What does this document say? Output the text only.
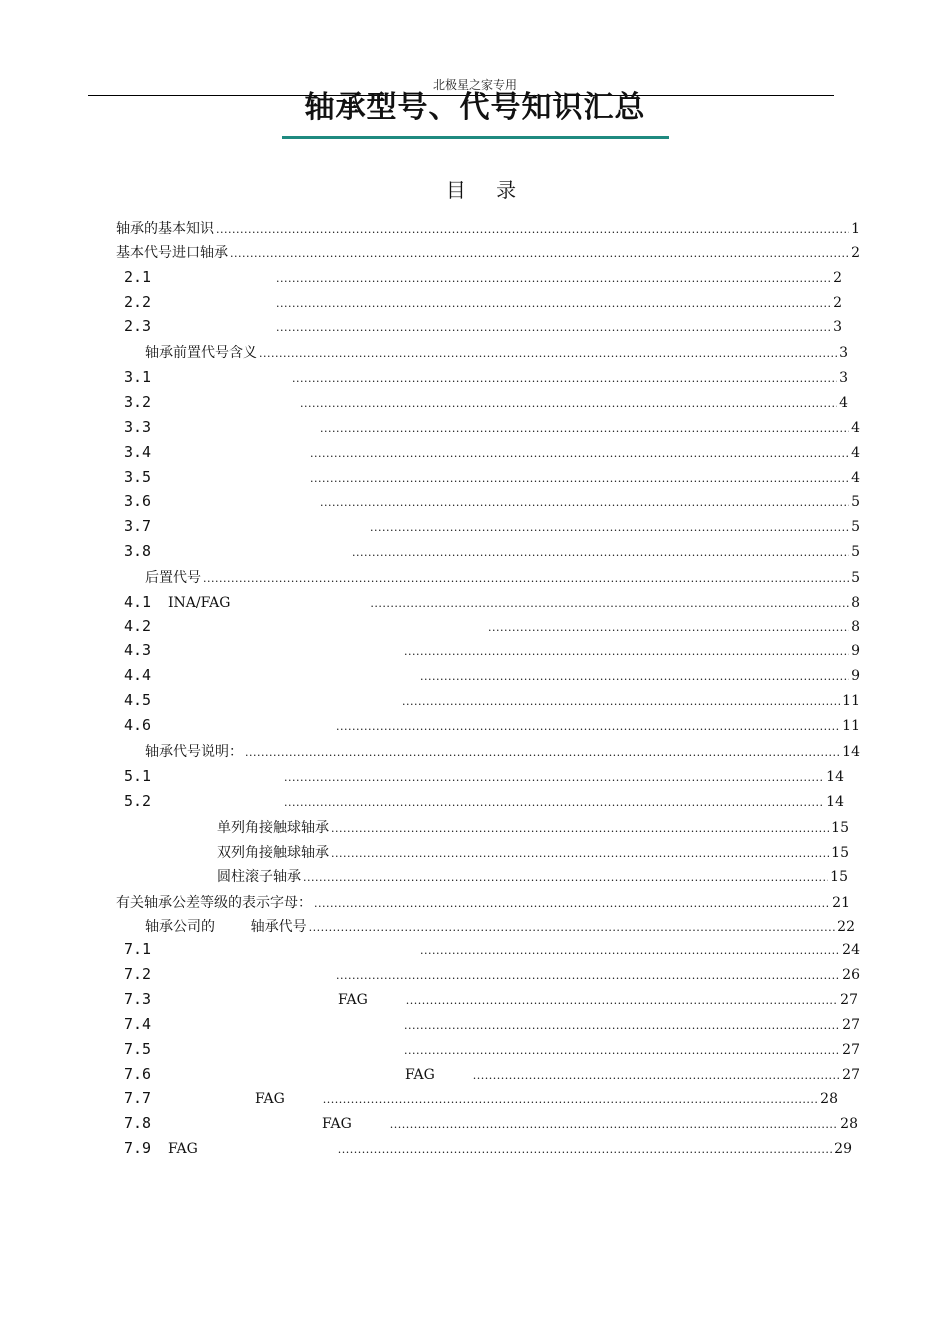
北极星之家专用
轴承型号、代号知识汇总
目 录
轴承的基本知识 .....	1
基本代号进口轴承 .....	2
2.1 .....	2
2.2 .....	2
2.3 .....	3
轴承前置代号含义 .....	3
3.1 .....	3
3.2 .....	4
3.3 .....	4
3.4 .....	4
3.5 .....	4
3.6 .....	5
3.7 .....	5
3.8 .....	5
后置代号 .....	5
4.1	INA/FAG .....	8
4.2 .....	8
4.3 .....	9
4.4 .....	9
4.5 .....	11
4.6 .....	11
轴承代号说明： .....	14
5.1 .....	14
5.2 .....	14
单列角接触球轴承 .....	15
双列角接触球轴承 .....	15
圆柱滚子轴承 .....	15
有关轴承公差等级的表示字母： .....	21
轴承公司的        轴承代号 .....	22
7.1 .....	24
7.2 .....	26
7.3	FAG .....	27
7.4 .....	27
7.5 .....	27
7.6	FAG .....	27
7.7	FAG .....	28
7.8	FAG .....	28
7.9	FAG .....	29
